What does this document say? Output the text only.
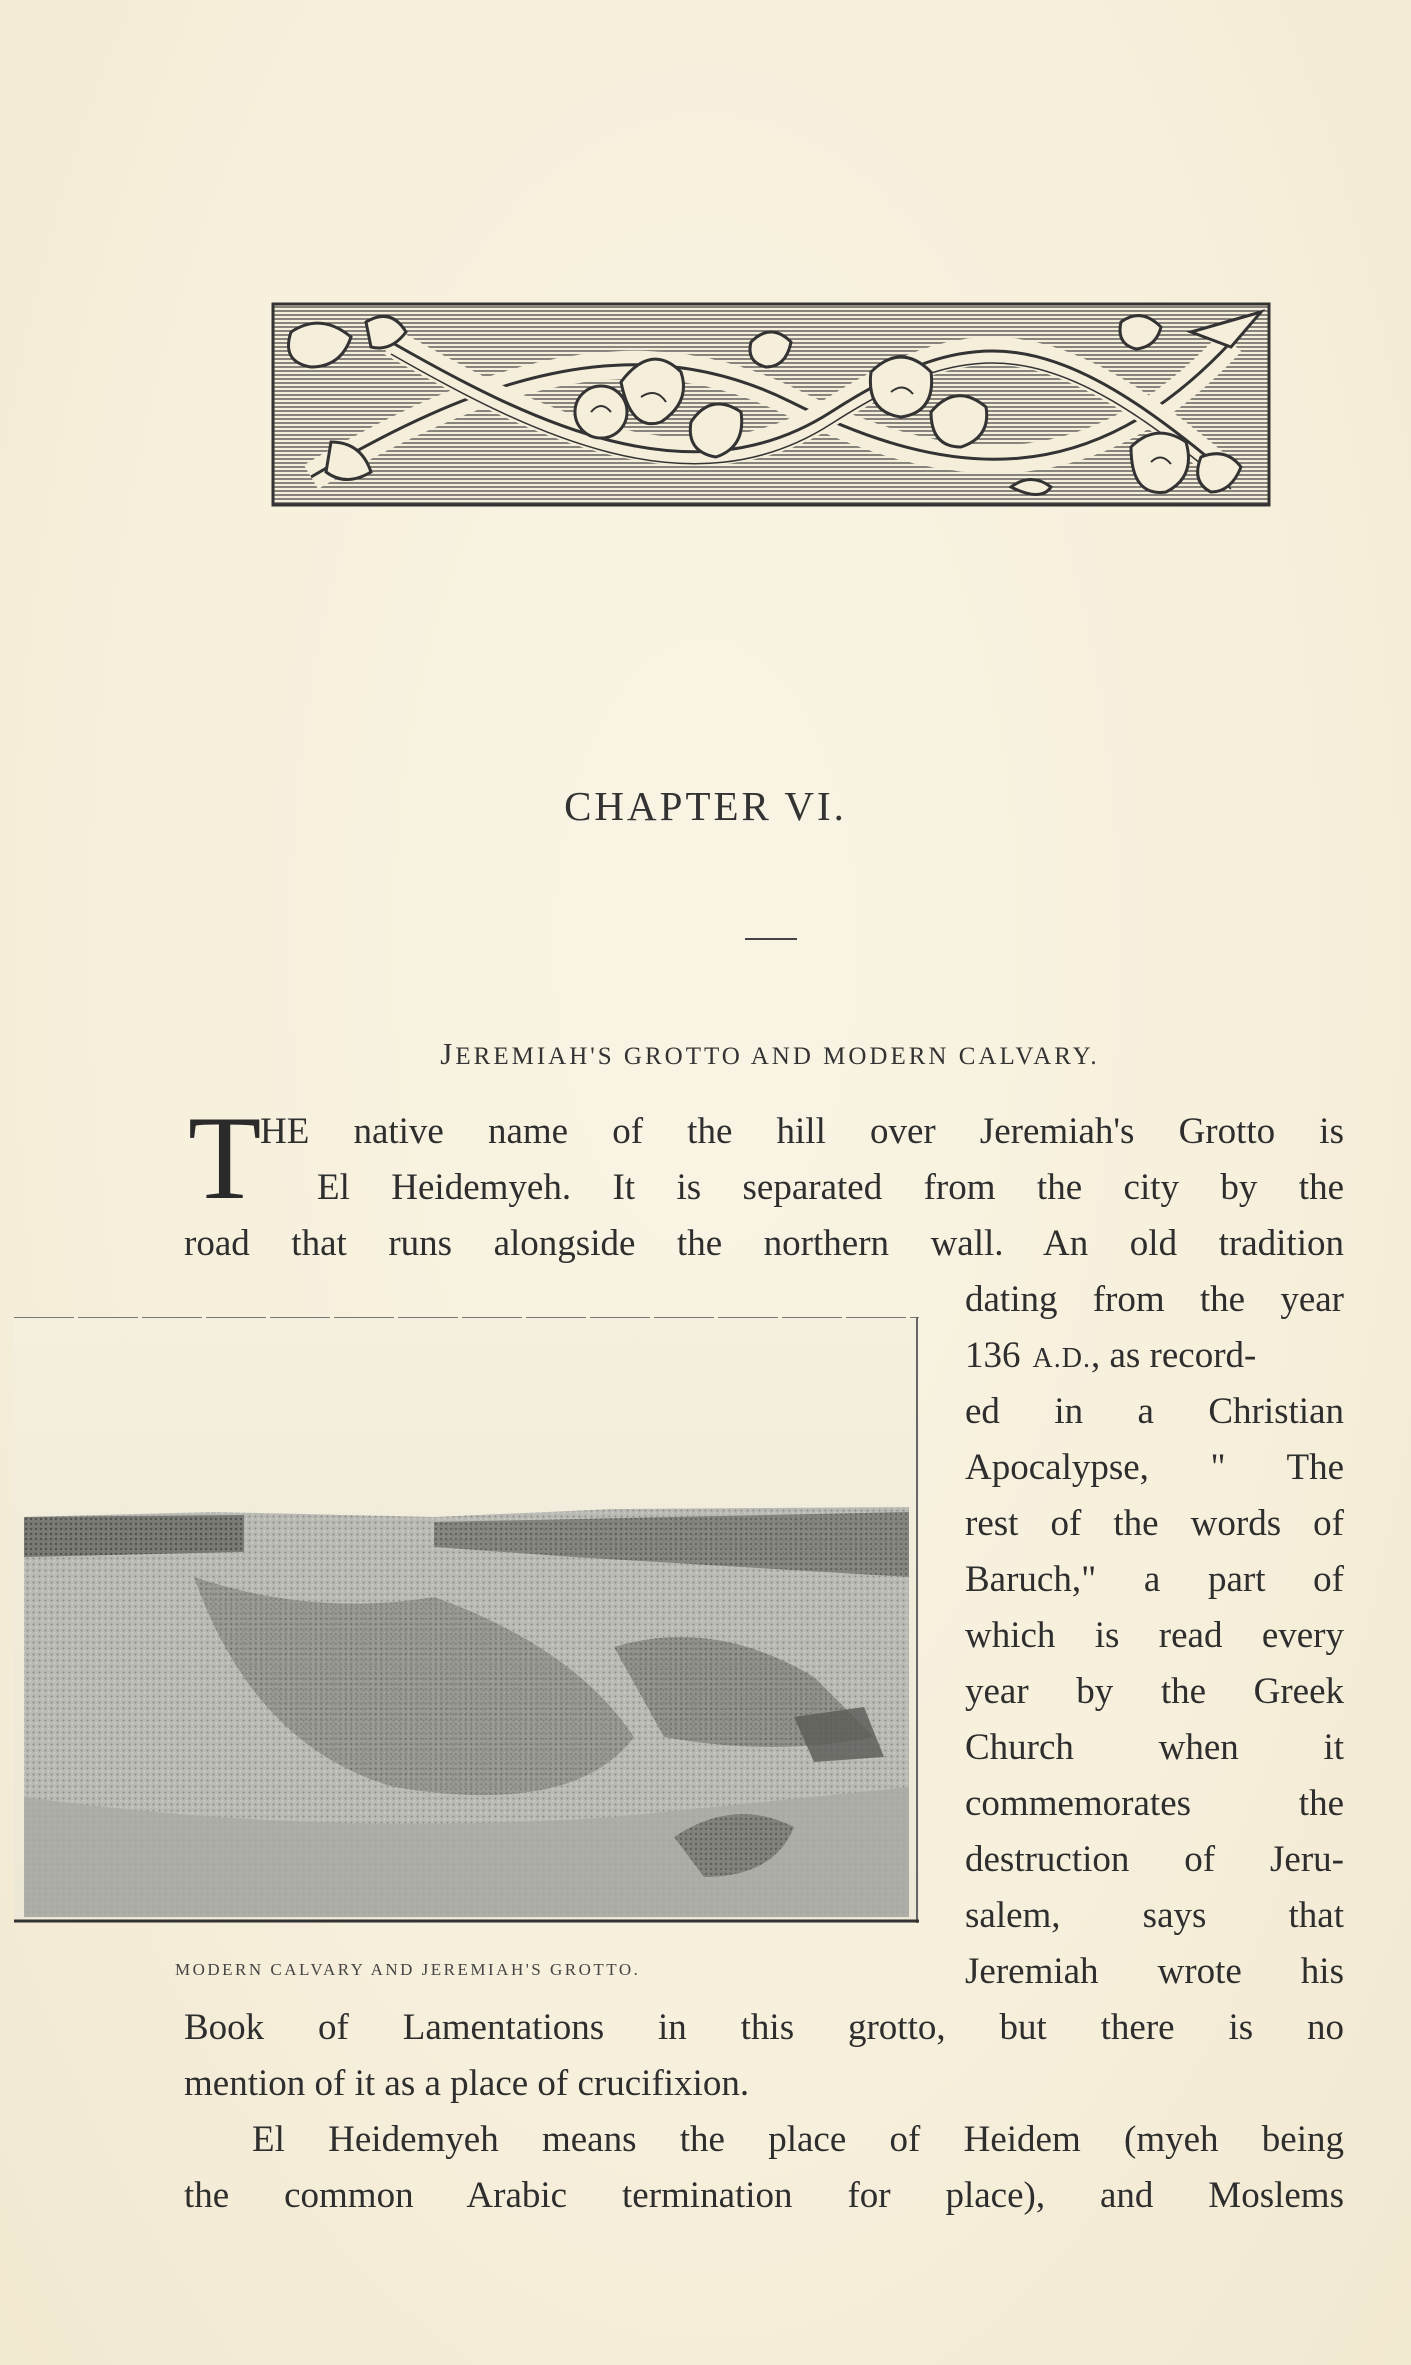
CHAPTER VI.
JEREMIAH'S GROTTO AND MODERN CALVARY.
T
HE native name of the hill over Jeremiah's Grotto is
El Heidemyeh. It is separated from the city by the
road that runs alongside the northern wall. An old tradition
dating from the year
136 A.D., as record-
ed in a Christian
Apocalypse, " The
rest of the words of
Baruch," a part of
which is read every
year by the Greek
Church when it
commemorates the
destruction of Jeru-
salem, says that
Jeremiah wrote his
MODERN CALVARY AND JEREMIAH'S GROTTO.
Book of Lamentations in this grotto, but there is no
mention of it as a place of crucifixion.
El Heidemyeh means the place of Heidem (myeh being
the common Arabic termination for place), and Moslems
